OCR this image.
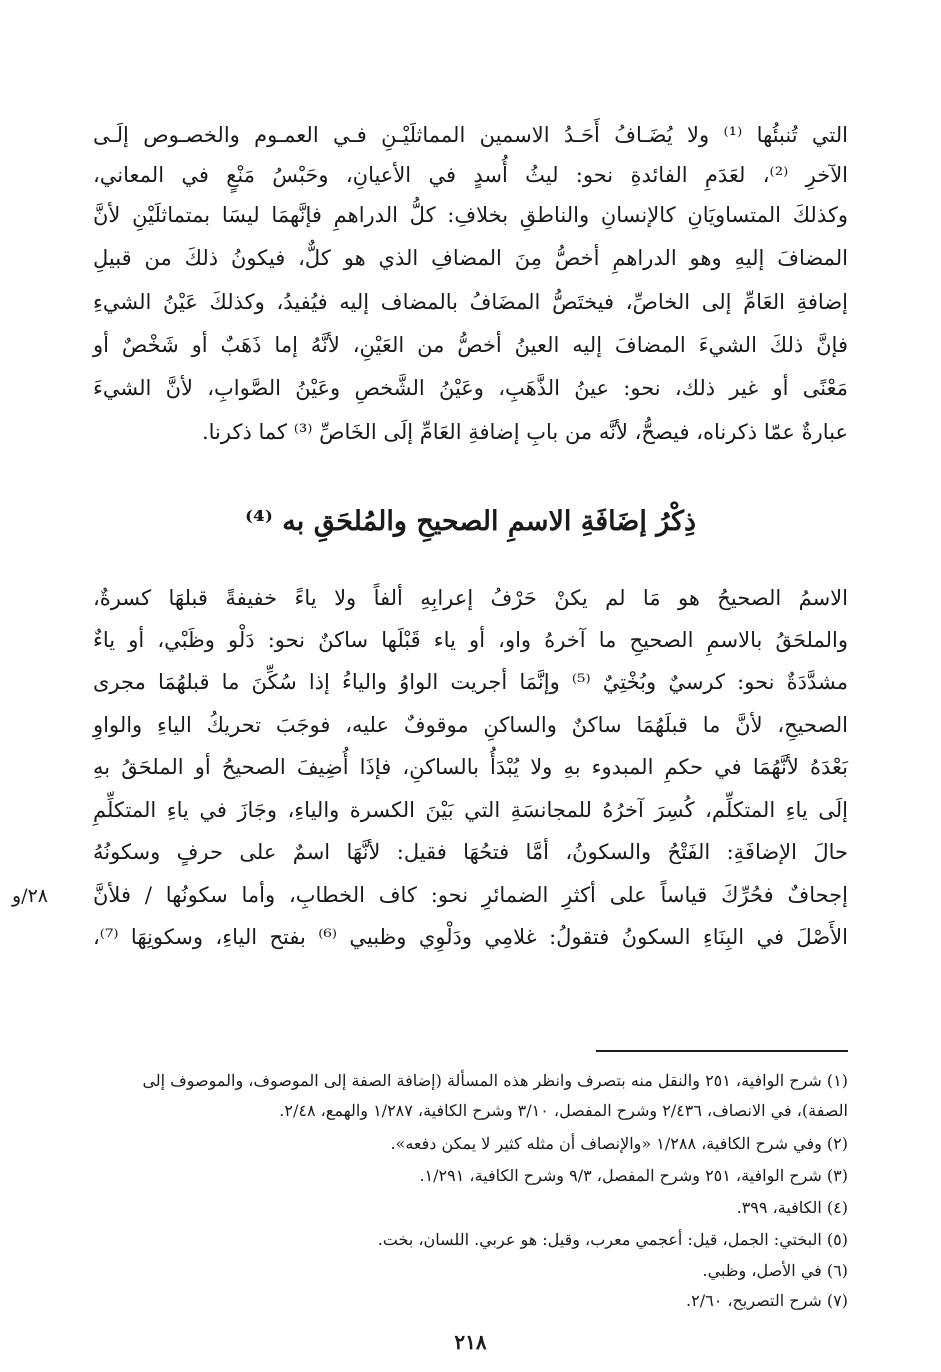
التي تُنبئُها ⁽¹⁾ ولا يُضَـافُ أَحَـدُ الاسمين المماثلَيْـنِ فـي العمـوم والخصـوص إلَـى
الآخرِ ⁽²⁾، لعَدَمِ الفائدةِ نحو: ليثُ أُسدٍ في الأعيانِ، وحَبْسُ مَنْعٍ في المعاني،
وكذلكَ المتساويَانِ كالإنسانِ والناطقِ بخلافِ: كلُّ الدراهمِ فإنَّهمَا ليسَا بمتماثلَيْنِ لأنَّ
المضافَ إليهِ وهو الدراهمِ أخصُّ مِنَ المضافِ الذي هو كلٌّ، فيكونُ ذلكَ من قبيلِ
إضافةِ العَامِّ إلى الخاصِّ، فيختَصُّ المضَافُ بالمضاف إليه فيُفيدُ، وكذلكَ عَيْنُ الشيءِ
فإنَّ ذلكَ الشيءَ المضافَ إليه العينُ أخصُّ من العَيْنِ، لأنَّهُ إما ذَهَبٌ أو شَخْصٌ أو
مَعْنًى أو غير ذلك، نحو: عينُ الذَّهَبِ، وعَيْنُ الشَّخصِ وعَيْنُ الصَّوابِ، لأنَّ الشيءَ
عبارةٌ عمّا ذكرناه، فيصحُّ، لأنَّه من بابِ إضافةِ العَامِّ إلَى الخَاصِّ ⁽³⁾ كما ذكرنا.
ذِكْرُ إضَافَةِ الاسمِ الصحيحِ والمُلحَقِ به ⁽⁴⁾
الاسمُ الصحيحُ هو مَا لم يكنْ حَرْفُ إعرابِهِ ألفاً ولا ياءً خفيفةً قبلهَا كسرةٌ،
والملحَقُ بالاسمِ الصحيحِ ما آخرهُ واو، أو ياء قَبْلَها ساكنٌ نحو: دَلْو وظَبْي، أو ياءٌ
مشدَّدَةٌ نحو: كرسيٌ وبُخْتِيٌ ⁽⁵⁾ وإنَّمَا أجريت الواوُ والياءُ إذا سُكِّنَ ما قبلهُمَا مجرى
الصحيحِ، لأنَّ ما قبلَهُمَا ساكنٌ والساكنِ موقوفٌ عليه، فوجَبَ تحريكُ الياءِ والواوِ
بَعْدَهُ لأنَّهُمَا في حكمِ المبدوء بهِ ولا يُبْدَأُ بالساكنِ، فإذَا أُضِيفَ الصحيحُ أو الملحَقُ بهِ
إلَى ياءِ المتكلِّم، كُسِرَ آخرُهُ للمجانسَةِ التي بَيْنَ الكسرة والياءِ، وجَازَ في ياءِ المتكلِّمِ
حالَ الإضافَةِ: الفَتْحُ والسكونُ، أمَّا فتحُهَا فقيل: لأنَّهَا اسمٌ على حرفٍ وسكونُهُ
إجحافٌ فحُرِّكَ قياساً على أكثرِ الضمائرِ نحو: كاف الخطابِ، وأما سكونُها / فلأنَّ
الأَصْلَ في البِنَاءِ السكونُ فتقولُ: غلامِي ودَلْوِي وظبيي ⁽⁶⁾ بفتح الياءِ، وسكونِهَا ⁽⁷⁾،
٢٨/و
(١) شرح الوافية، ٢٥١ والنقل منه بتصرف وانظر هذه المسألة (إضافة الصفة إلى الموصوف، والموصوف إلى
الصفة)، في الانصاف، ٢/٤٣٦ وشرح المفصل، ٣/١٠ وشرح الكافية، ١/٢٨٧ والهمع، ٢/٤٨.
(٢) وفي شرح الكافية، ١/٢٨٨ «والإنصاف أن مثله كثير لا يمكن دفعه».
(٣) شرح الوافية، ٢٥١ وشرح المفصل، ٩/٣ وشرح الكافية، ١/٢٩١.
(٤) الكافية، ٣٩٩.
(٥) البختي: الجمل، قيل: أعجمي معرب، وقيل: هو عربي. اللسان، بخت.
(٦) في الأصل، وظبي.
(٧) شرح التصريح، ٢/٦٠.
٢١٨
